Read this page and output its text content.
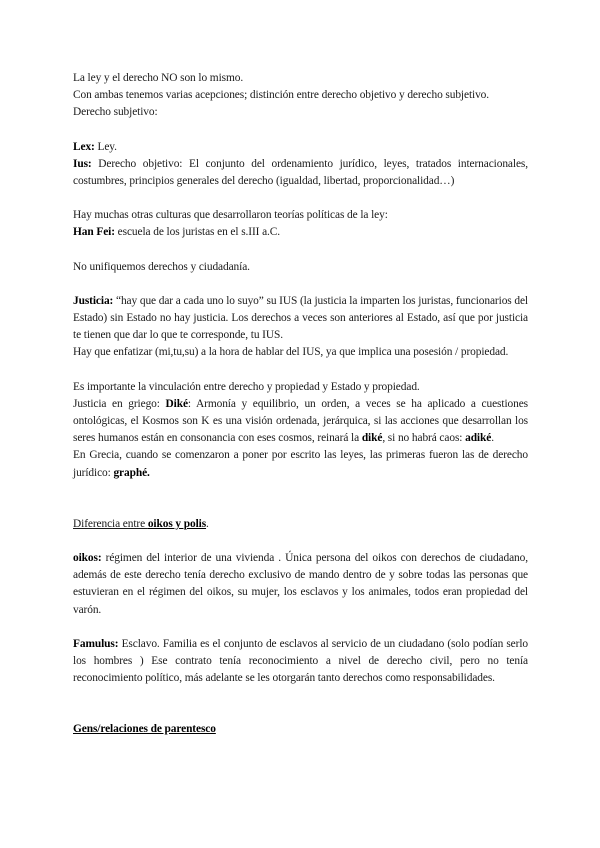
La ley y el derecho NO son lo mismo.

Con ambas tenemos varias acepciones; distinción entre derecho objetivo y derecho subjetivo.

Derecho subjetivo:

Lex: Ley.

Ius: Derecho objetivo: El conjunto del ordenamiento jurídico, leyes, tratados internacionales, costumbres, principios generales del derecho (igualdad, libertad, proporcionalidad…)

Hay muchas otras culturas que desarrollaron teorías políticas de la ley:

Han Fei: escuela de los juristas en el s.III a.C.

No unifiquemos derechos y ciudadanía.

Justicia: “hay que dar a cada uno lo suyo” su IUS (la justicia la imparten los juristas, funcionarios del Estado) sin Estado no hay justicia. Los derechos a veces son anteriores al Estado, así que por justicia te tienen que dar lo que te corresponde, tu IUS.

Hay que enfatizar (mi,tu,su) a la hora de hablar del IUS, ya que implica una posesión / propiedad.

Es importante la vinculación entre derecho y propiedad y Estado y propiedad.

Justicia en griego: Diké: Armonía y equilibrio, un orden, a veces se ha aplicado a cuestiones ontológicas, el Kosmos son K es una visión ordenada, jerárquica, si las acciones que desarrollan los seres humanos están en consonancia con eses cosmos, reinará la diké, si no habrá caos: adiké.

En Grecia, cuando se comenzaron a poner por escrito las leyes, las primeras fueron las de derecho jurídico: graphé.

Diferencia entre oikos y polis.

oikos: régimen del interior de una vivienda . Única persona del oikos con derechos de ciudadano, además de este derecho tenía derecho exclusivo de mando dentro de y sobre todas las personas que estuvieran en el régimen del oikos, su mujer, los esclavos y los animales, todos eran propiedad del varón.

Famulus: Esclavo. Familia es el conjunto de esclavos al servicio de un ciudadano (solo podían serlo los hombres ) Ese contrato tenía reconocimiento a nivel de derecho civil, pero no tenía reconocimiento político, más adelante se les otorgarán tanto derechos como responsabilidades.

Gens/relaciones de parentesco
